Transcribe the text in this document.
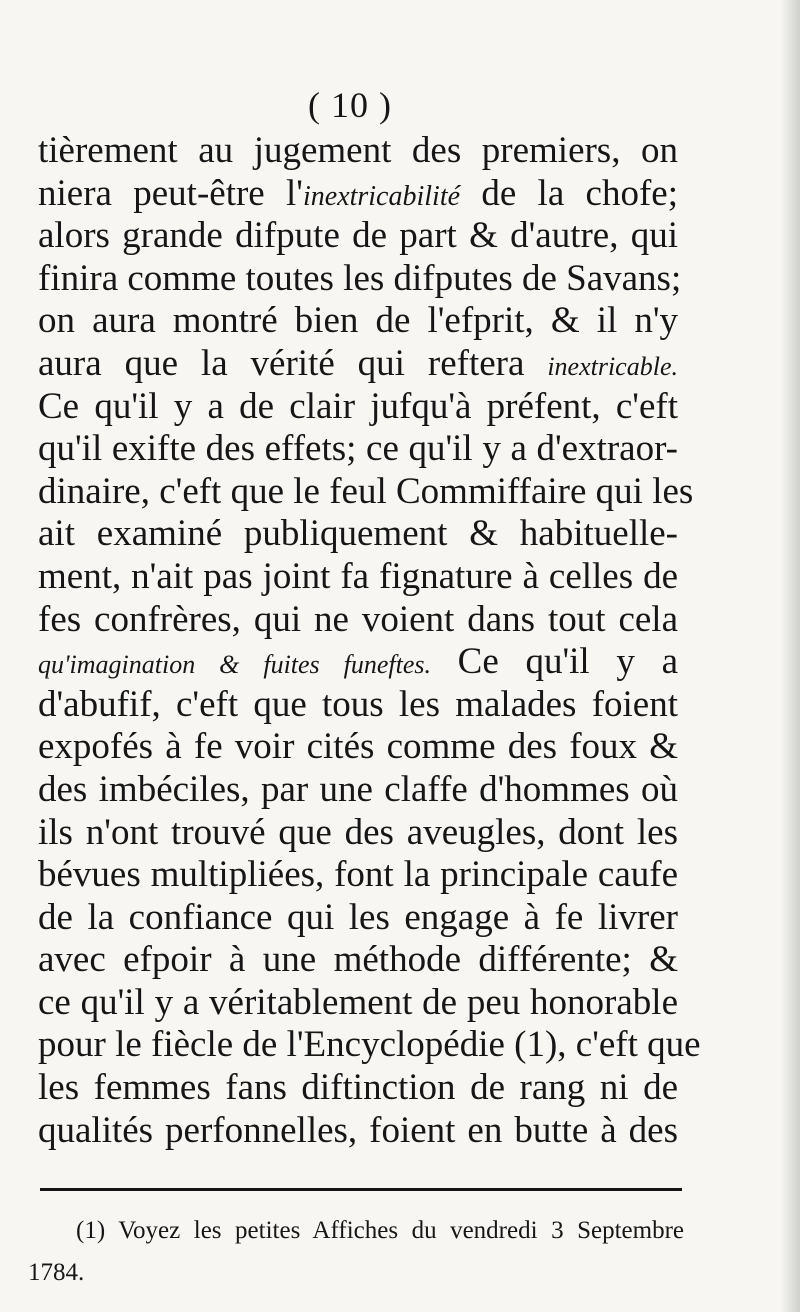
( 10 )
tièrement au jugement des premiers, on
niera peut-être l'inextricabilité de la chofe;
alors grande difpute de part & d'autre, qui
finira comme toutes les difputes de Savans;
on aura montré bien de l'efprit, & il n'y
aura que la vérité qui reftera inextricable.
Ce qu'il y a de clair jufqu'à préfent, c'eft
qu'il exifte des effets; ce qu'il y a d'extraor-
dinaire, c'eft que le feul Commiffaire qui les
ait examiné publiquement & habituelle-
ment, n'ait pas joint fa fignature à celles de
fes confrères, qui ne voient dans tout cela
qu'imagination & fuites funeftes. Ce qu'il y a
d'abufif, c'eft que tous les malades foient
expofés à fe voir cités comme des foux &
des imbéciles, par une claffe d'hommes où
ils n'ont trouvé que des aveugles, dont les
bévues multipliées, font la principale caufe
de la confiance qui les engage à fe livrer
avec efpoir à une méthode différente; &
ce qu'il y a véritablement de peu honorable
pour le fiècle de l'Encyclopédie (1), c'eft que
les femmes fans diftinction de rang ni de
qualités perfonnelles, foient en butte à des
(1) Voyez les petites Affiches du vendredi 3 Septembre
1784.
